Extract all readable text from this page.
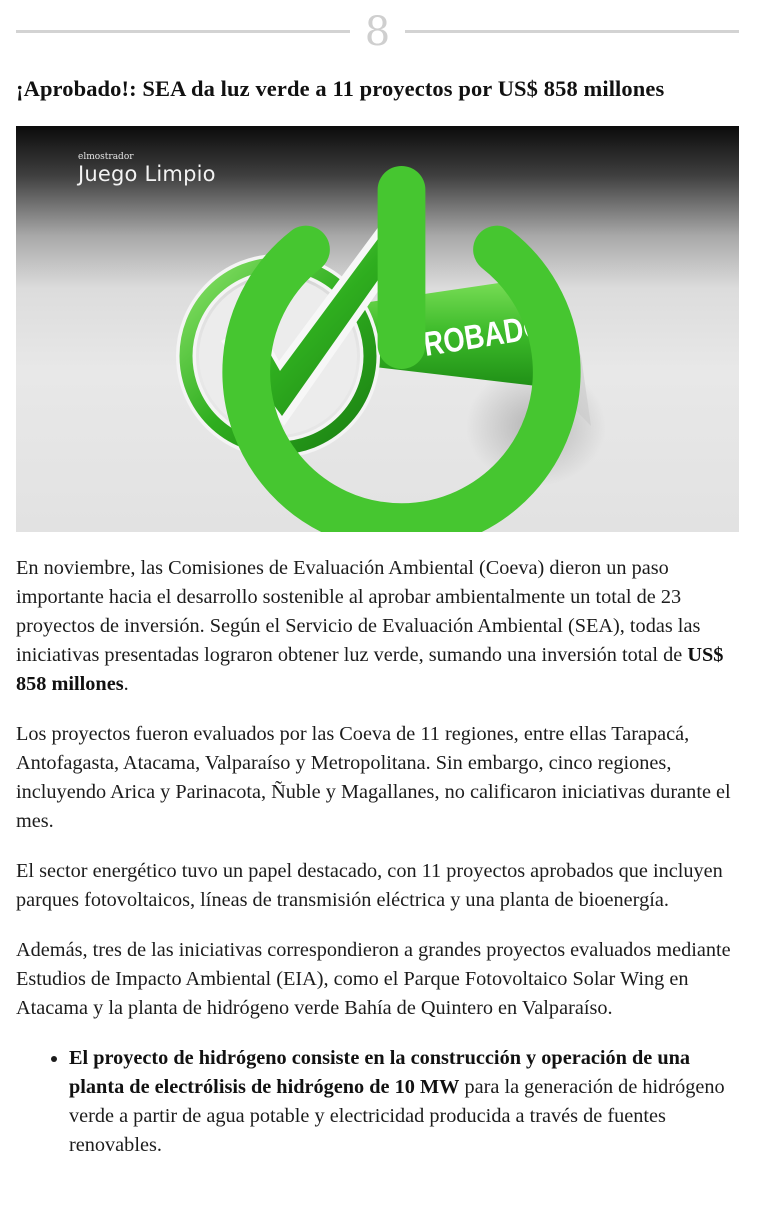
8
¡Aprobado!: SEA da luz verde a 11 proyectos por US$ 858 millones
APROBADO
elmostrador
Juego Limpio

En noviembre, las Comisiones de Evaluación Ambiental (Coeva) dieron un paso importante hacia el desarrollo sostenible al aprobar ambientalmente un total de 23 proyectos de inversión. Según el Servicio de Evaluación Ambiental (SEA), todas las iniciativas presentadas lograron obtener luz verde, sumando una inversión total de US$ 858 millones.

Los proyectos fueron evaluados por las Coeva de 11 regiones, entre ellas Tarapacá, Antofagasta, Atacama, Valparaíso y Metropolitana. Sin embargo, cinco regiones, incluyendo Arica y Parinacota, Ñuble y Magallanes, no calificaron iniciativas durante el mes.

El sector energético tuvo un papel destacado, con 11 proyectos aprobados que incluyen parques fotovoltaicos, líneas de transmisión eléctrica y una planta de bioenergía.

Además, tres de las iniciativas correspondieron a grandes proyectos evaluados mediante Estudios de Impacto Ambiental (EIA), como el Parque Fotovoltaico Solar Wing en Atacama y la planta de hidrógeno verde Bahía de Quintero en Valparaíso.

• El proyecto de hidrógeno consiste en la construcción y operación de una planta de electrólisis de hidrógeno de 10 MW para la generación de hidrógeno verde a partir de agua potable y electricidad producida a través de fuentes renovables.
